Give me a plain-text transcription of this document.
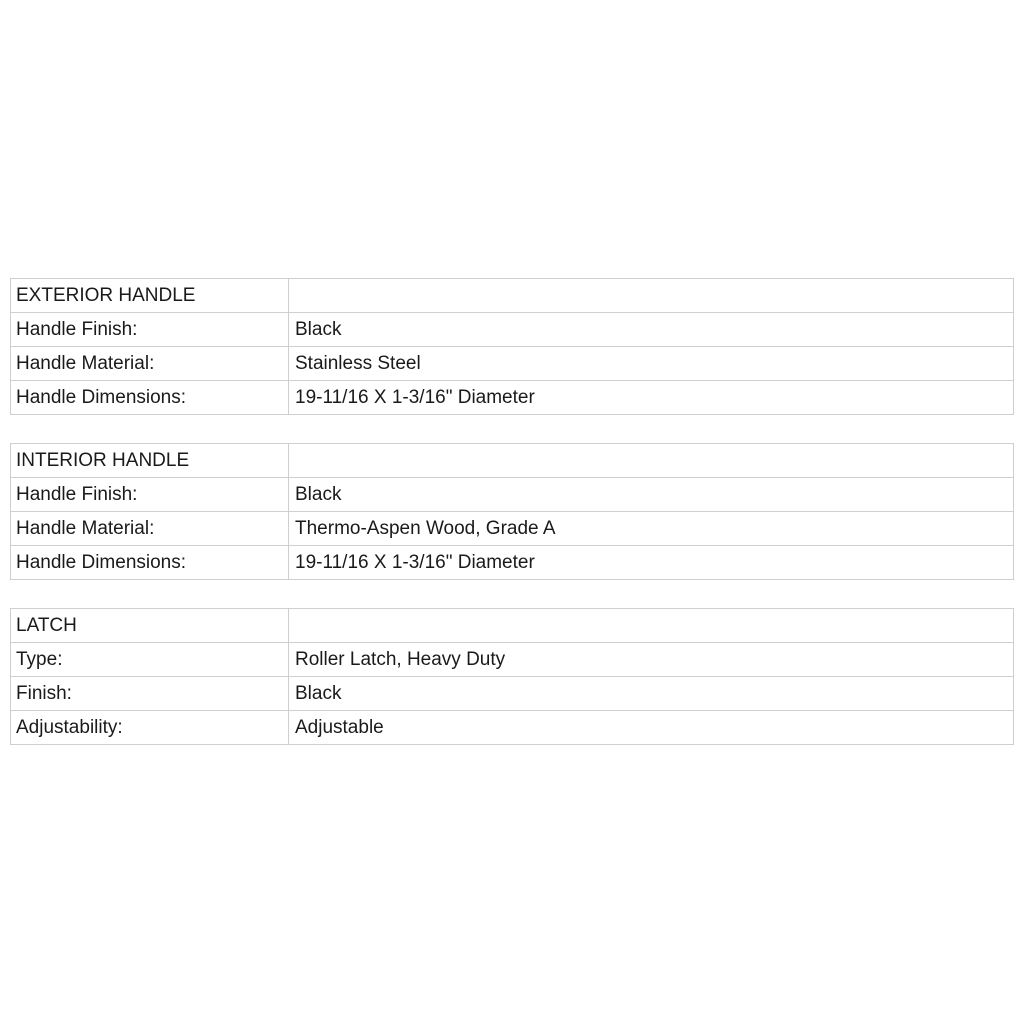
EXTERIOR HANDLE	
Handle Finish:	Black
Handle Material:	Stainless Steel
Handle Dimensions:	19-11/16 X 1-3/16" Diameter
INTERIOR HANDLE	
Handle Finish:	Black
Handle Material:	Thermo-Aspen Wood, Grade A
Handle Dimensions:	19-11/16 X 1-3/16" Diameter
LATCH	
Type:	Roller Latch, Heavy Duty
Finish:	Black
Adjustability:	Adjustable
